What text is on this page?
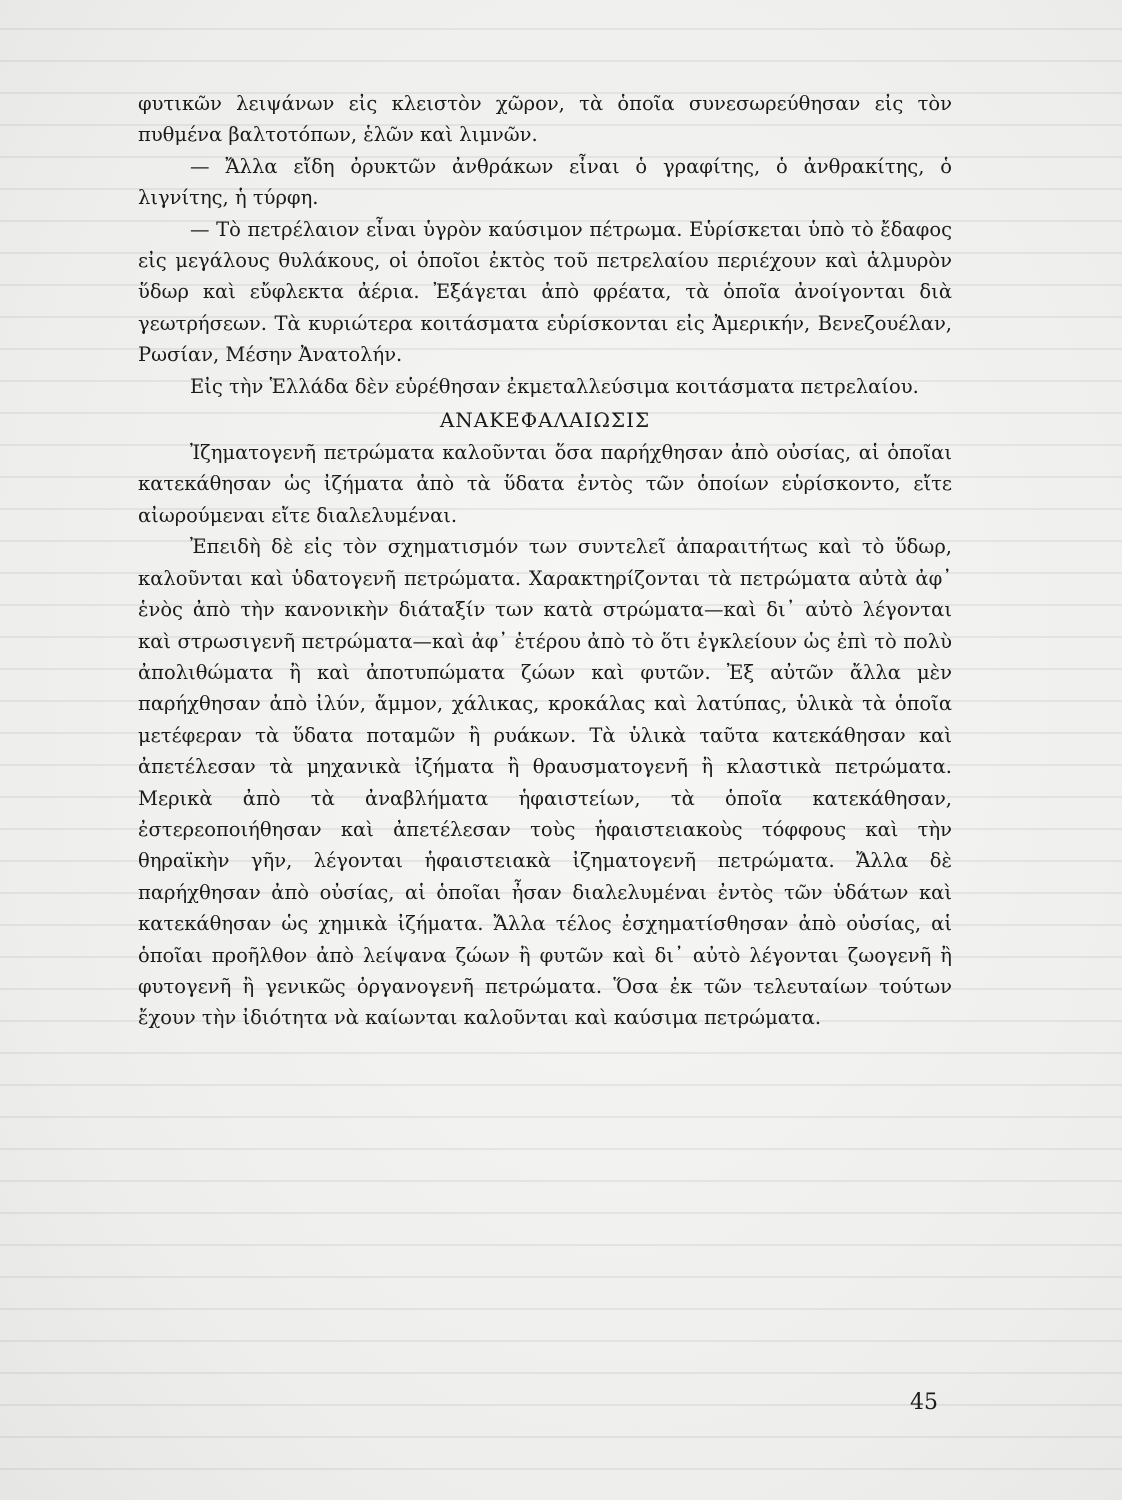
φυτικῶν λειψάνων εἰς κλειστὸν χῶρον, τὰ ὁποῖα συνεσωρεύθησαν εἰς τὸν πυθμένα βαλτοτόπων, ἑλῶν καὶ λιμνῶν.

— Ἄλλα εἴδη ὀρυκτῶν ἀνθράκων εἶναι ὁ γραφίτης, ὁ ἀνθρακίτης, ὁ λιγνίτης, ἡ τύρφη.

— Τὸ πετρέλαιον εἶναι ὑγρὸν καύσιμον πέτρωμα. Εὑρίσκεται ὑπὸ τὸ ἔδαφος εἰς μεγάλους θυλάκους, οἱ ὁποῖοι ἐκτὸς τοῦ πετρελαίου περιέχουν καὶ ἁλμυρὸν ὕδωρ καὶ εὔφλεκτα ἀέρια. Ἐξάγεται ἀπὸ φρέατα, τὰ ὁποῖα ἀνοίγονται διὰ γεωτρήσεων. Τὰ κυριώτερα κοιτάσματα εὑρίσκονται εἰς Ἀμερικήν, Βενεζουέλαν, Ρωσίαν, Μέσην Ἀνατολήν.

Εἰς τὴν Ἑλλάδα δὲν εὑρέθησαν ἐκμεταλλεύσιμα κοιτάσματα πετρελαίου.

ΑΝΑΚΕΦΑΛΑΙΩΣΙΣ

Ἰζηματογενῆ πετρώματα καλοῦνται ὅσα παρήχθησαν ἀπὸ οὐσίας, αἱ ὁποῖαι κατεκάθησαν ὡς ἰζήματα ἀπὸ τὰ ὕδατα ἐντὸς τῶν ὁποίων εὑρίσκοντο, εἴτε αἰωρούμεναι εἴτε διαλελυμέναι.

Ἐπειδὴ δὲ εἰς τὸν σχηματισμόν των συντελεῖ ἀπαραιτήτως καὶ τὸ ὕδωρ, καλοῦνται καὶ ὑδατογενῆ πετρώματα. Χαρακτηρίζονται τὰ πετρώματα αὐτὰ ἀφ᾽ ἑνὸς ἀπὸ τὴν κανονικὴν διάταξίν των κατὰ στρώματα—καὶ δι᾽ αὐτὸ λέγονται καὶ στρωσιγενῆ πετρώματα—καὶ ἀφ᾽ ἑτέρου ἀπὸ τὸ ὅτι ἐγκλείουν ὡς ἐπὶ τὸ πολὺ ἀπολιθώματα ἢ καὶ ἀποτυπώματα ζώων καὶ φυτῶν. Ἐξ αὐτῶν ἄλλα μὲν παρήχθησαν ἀπὸ ἰλύν, ἄμμον, χάλικας, κροκάλας καὶ λατύπας, ὑλικὰ τὰ ὁποῖα μετέφεραν τὰ ὕδατα ποταμῶν ἢ ρυάκων. Τὰ ὑλικὰ ταῦτα κατεκάθησαν καὶ ἀπετέλεσαν τὰ μηχανικὰ ἰζήματα ἢ θραυσματογενῆ ἢ κλαστικὰ πετρώματα. Μερικὰ ἀπὸ τὰ ἀναβλήματα ἡφαιστείων, τὰ ὁποῖα κατεκάθησαν, ἐστερεοποιήθησαν καὶ ἀπετέλεσαν τοὺς ἡφαιστειακοὺς τόφφους καὶ τὴν θηραϊκὴν γῆν, λέγονται ἡφαιστειακὰ ἰζηματογενῆ πετρώματα. Ἄλλα δὲ παρήχθησαν ἀπὸ οὐσίας, αἱ ὁποῖαι ἦσαν διαλελυμέναι ἐντὸς τῶν ὑδάτων καὶ κατεκάθησαν ὡς χημικὰ ἰζήματα. Ἄλλα τέλος ἐσχηματίσθησαν ἀπὸ οὐσίας, αἱ ὁποῖαι προῆλθον ἀπὸ λείψανα ζώων ἢ φυτῶν καὶ δι᾽ αὐτὸ λέγονται ζωογενῆ ἢ φυτογενῆ ἢ γενικῶς ὀργανογενῆ πετρώματα. Ὅσα ἐκ τῶν τελευταίων τούτων ἔχουν τὴν ἰδιότητα νὰ καίωνται καλοῦνται καὶ καύσιμα πετρώματα.

45
